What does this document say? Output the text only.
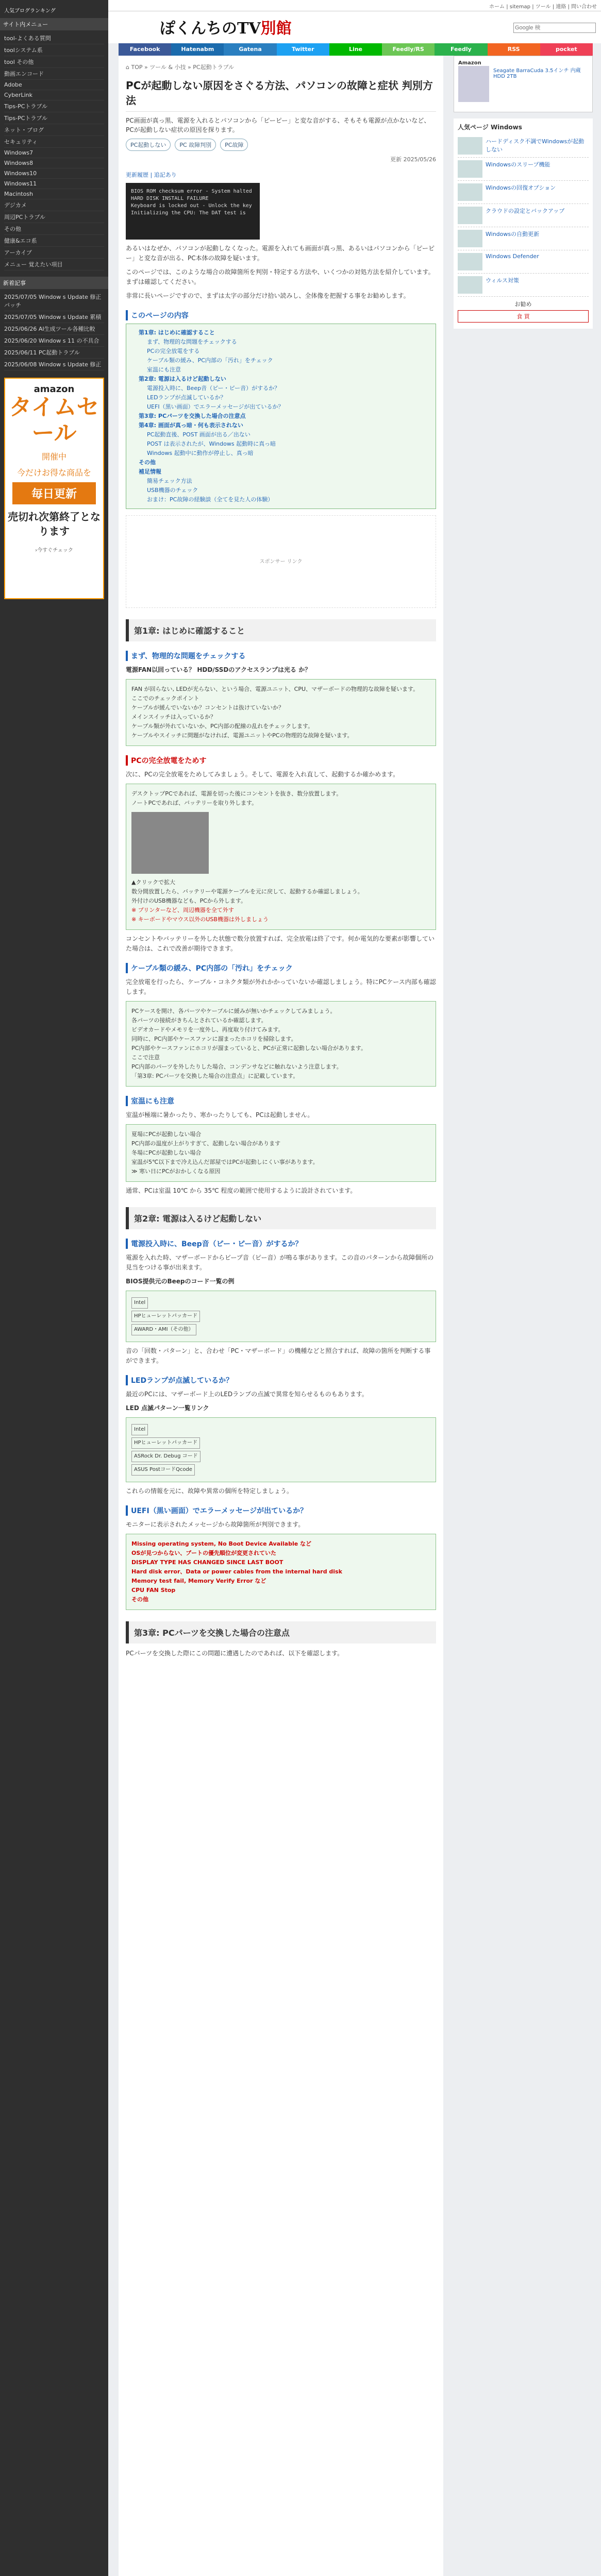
人気ブログランキング
サイト内メニュー
tool-よくある質問
toolシステム系
tool その他
動画エンコード
Adobe
CyberLink
Tips-PCトラブル
Tips-PCトラブル
ネット・ブログ
セキュリティ
Windows7
Windows8
Windows10
Windows11
Macintosh
デジカメ
周辺PCトラブル
その他
健康&エコ系
アーカイブ
メニュー 覚えたい項目
新着記事
2025/07/05 Window s Update 修正パッチ
2025/07/05 Window s Update 累積
2025/06/26 AI生成ツール各種比較
2025/06/20 Window s 11 の不具合
2025/06/11 PC起動トラブル
2025/06/08 Window s Update 修正
amazon
タイムセール
開催中
今だけお得な商品を
毎日更新
売切れ次第終了となります
›今すぐチェック
ホーム | sitemap | ツール | 連絡 | 問い合わせ
ぽくんちのTV別館
Google 検
Facebook	Hatenabm	Gatena	Twitter	Line	Feedly/RS	Feedly	RSS	pocket
⌂ TOP » ツール & 小技 » PC起動トラブル
PCが起動しない原因をさぐる方法、パソコンの故障と症状 判別方法

PC画面が真っ黒、電源を入れるとパソコンから「ピーピー」と変な音がする、そもそも電源が点かないなど、PCが起動しない症状の原因を探ります。

PC起動しない	PC 故障判別	PC故障
更新 2025/05/26
更新履歴 | 追記あり
BIOS ROM checksum error - System halted
HARD DISK INSTALL FAILURE
Keyboard is locked out - Unlock the key
Initializing the CPU: The DAT test is

あるいはなぜか、パソコンが起動しなくなった。電源を入れても画面が真っ黒、あるいはパソコンから「ピーピー」と変な音が出る、PC本体の故障を疑います。

このページでは、このような場合の故障箇所を判別・特定する方法や、いくつかの対処方法を紹介しています。まずは確認してください。

非常に長いページですので、まずは太字の部分だけ拾い読みし、全体像を把握する事をお勧めします。

このページの内容
第1章: はじめに確認すること
まず、物理的な問題をチェックする
PCの完全放電をする
ケーブル類の緩み、PC内部の「汚れ」をチェック
室温にも注意
第2章: 電源は入るけど起動しない
電源投入時に、Beep音（ピー・ピー音）がするか？
LEDランプが点滅しているか？
UEFI（黒い画面）でエラーメッセージが出ているか？
第3章: PCパーツを交換した場合の注意点
第4章: 画面が真っ暗・何も表示されない
PC起動直後、POST 画面が出る／出ない
POST は表示されたが、Windows 起動時に真っ暗
Windows 起動中に動作が停止し、真っ暗
その他
補足情報
簡易チェック方法
USB機器のチェック
おまけ：PC故障の経験談（全てを見た人の体験）
スポンサー リンク
第1章: はじめに確認すること
まず、物理的な問題をチェックする

電源FAN以回っている？ HDD/SSDのアクセスランプは光る か？

FAN が回らない, LEDが光らない、という場合、電源ユニット、CPU、マザーボードの物理的な故障を疑います。
ここでのチェックポイント
ケーブルが緩んでいないか？コンセントは抜けていないか？
メインスイッチは入っているか？
ケーブル類が外れていないか、PC内部の配線の乱れをチェックします。
ケーブルやスイッチに問題がなければ、電源ユニットやPCの物理的な故障を疑います。
PCの完全放電をためす

次に、PCの完全放電をためしてみましょう。そして、電源を入れ直して、起動するか確かめます。

デスクトップPCであれば、電源を切った後にコンセントを抜き、数分放置します。
ノートPCであれば、バッテリーを取り外します。
▲クリックで拡大
数分間放置したら、バッテリーや電源ケーブルを元に戻して、起動するか確認しましょう。
外付けのUSB機器なども、PCから外します。
※ プリンターなど、周辺機器を全て外す
※ キーボードやマウス以外のUSB機器は外しましょう

コンセントやバッテリーを外した状態で数分放置すれば、完全放電は終了です。何か電気的な要素が影響していた場合は、これで改善が期待できます。

ケーブル類の緩み、PC内部の「汚れ」をチェック

完全放電を行ったら、ケーブル・コネクタ類が外れかかっていないか確認しましょう。特にPCケース内部も確認します。

PCケースを開け、各パーツやケーブルに緩みが無いかチェックしてみましょう。
各パーツの接続がきちんとされているか確認します。
ビデオカードやメモリを一度外し、再度取り付けてみます。
同時に、PC内部やケースファンに溜まったホコリを掃除します。
PC内部やケースファンにホコリが溜まっていると、PCが正常に起動しない場合があります。
ここで注意
PC内部のパーツを外したりした場合、コンデンサなどに触れないよう注意します。
「第3章: PCパーツを交換した場合の注意点」に記載しています。
室温にも注意

室温が極端に暑かったり、寒かったりしても、PCは起動しません。

夏場にPCが起動しない場合
PC内部の温度が上がりすぎて、起動しない場合があります
冬場にPCが起動しない場合
室温が5℃以下まで冷え込んだ部屋ではPCが起動しにくい事があります。
≫ 寒い日にPCがおかしくなる原因

通常、PCは室温 10℃ から 35℃ 程度の範囲で使用するように設計されています。

第2章: 電源は入るけど起動しない
電源投入時に、Beep音（ピー・ピー音）がするか？

電源を入れた時、マザーボードからビープ音（ピー音）が鳴る事があります。この音のパターンから故障個所の見当をつける事が出来ます。

BIOS提供元のBeepのコード一覧の例

Intel
HPヒューレットパッカード
AWARD・AMI（その他）

音の「回数・パターン」と、合わせ「PC・マザーボード」の機種などと照合すれば、故障の箇所を判断する事ができます。

LEDランプが点滅しているか？

最近のPCには、マザーボード上のLEDランプの点滅で異常を知らせるものもあります。

LED 点滅パターン一覧リンク

Intel
HPヒューレットパッカード
ASRock Dr. Debug コード
ASUS PostコードQcode

これらの情報を元に、故障や異常の個所を特定しましょう。

UEFI（黒い画面）でエラーメッセージが出ているか？

モニターに表示されたメッセージから故障箇所が判別できます。

Missing operating system, No Boot Device Available など
OSが見つからない、ブートの優先順位が変更されていた
DISPLAY TYPE HAS CHANGED SINCE LAST BOOT
Hard disk error、Data or power cables from the internal hard disk
Memory test fail, Memory Verify Error など
CPU FAN Stop
その他
第3章: PCパーツを交換した場合の注意点

PCパーツを交換した際にこの問題に遭遇したのであれば、以下を確認します。

Amazon
Seagate BarraCuda 3.5インチ 内蔵 HDD 2TB
人気ページ Windows
ハードディスク不調でWindowsが起動しない
Windowsのスリープ機能
Windowsの回復オプション
クラウドの設定とバックアップ
Windowsの自動更新
Windows Defender
ウィルス対策
お勧め
食 買
